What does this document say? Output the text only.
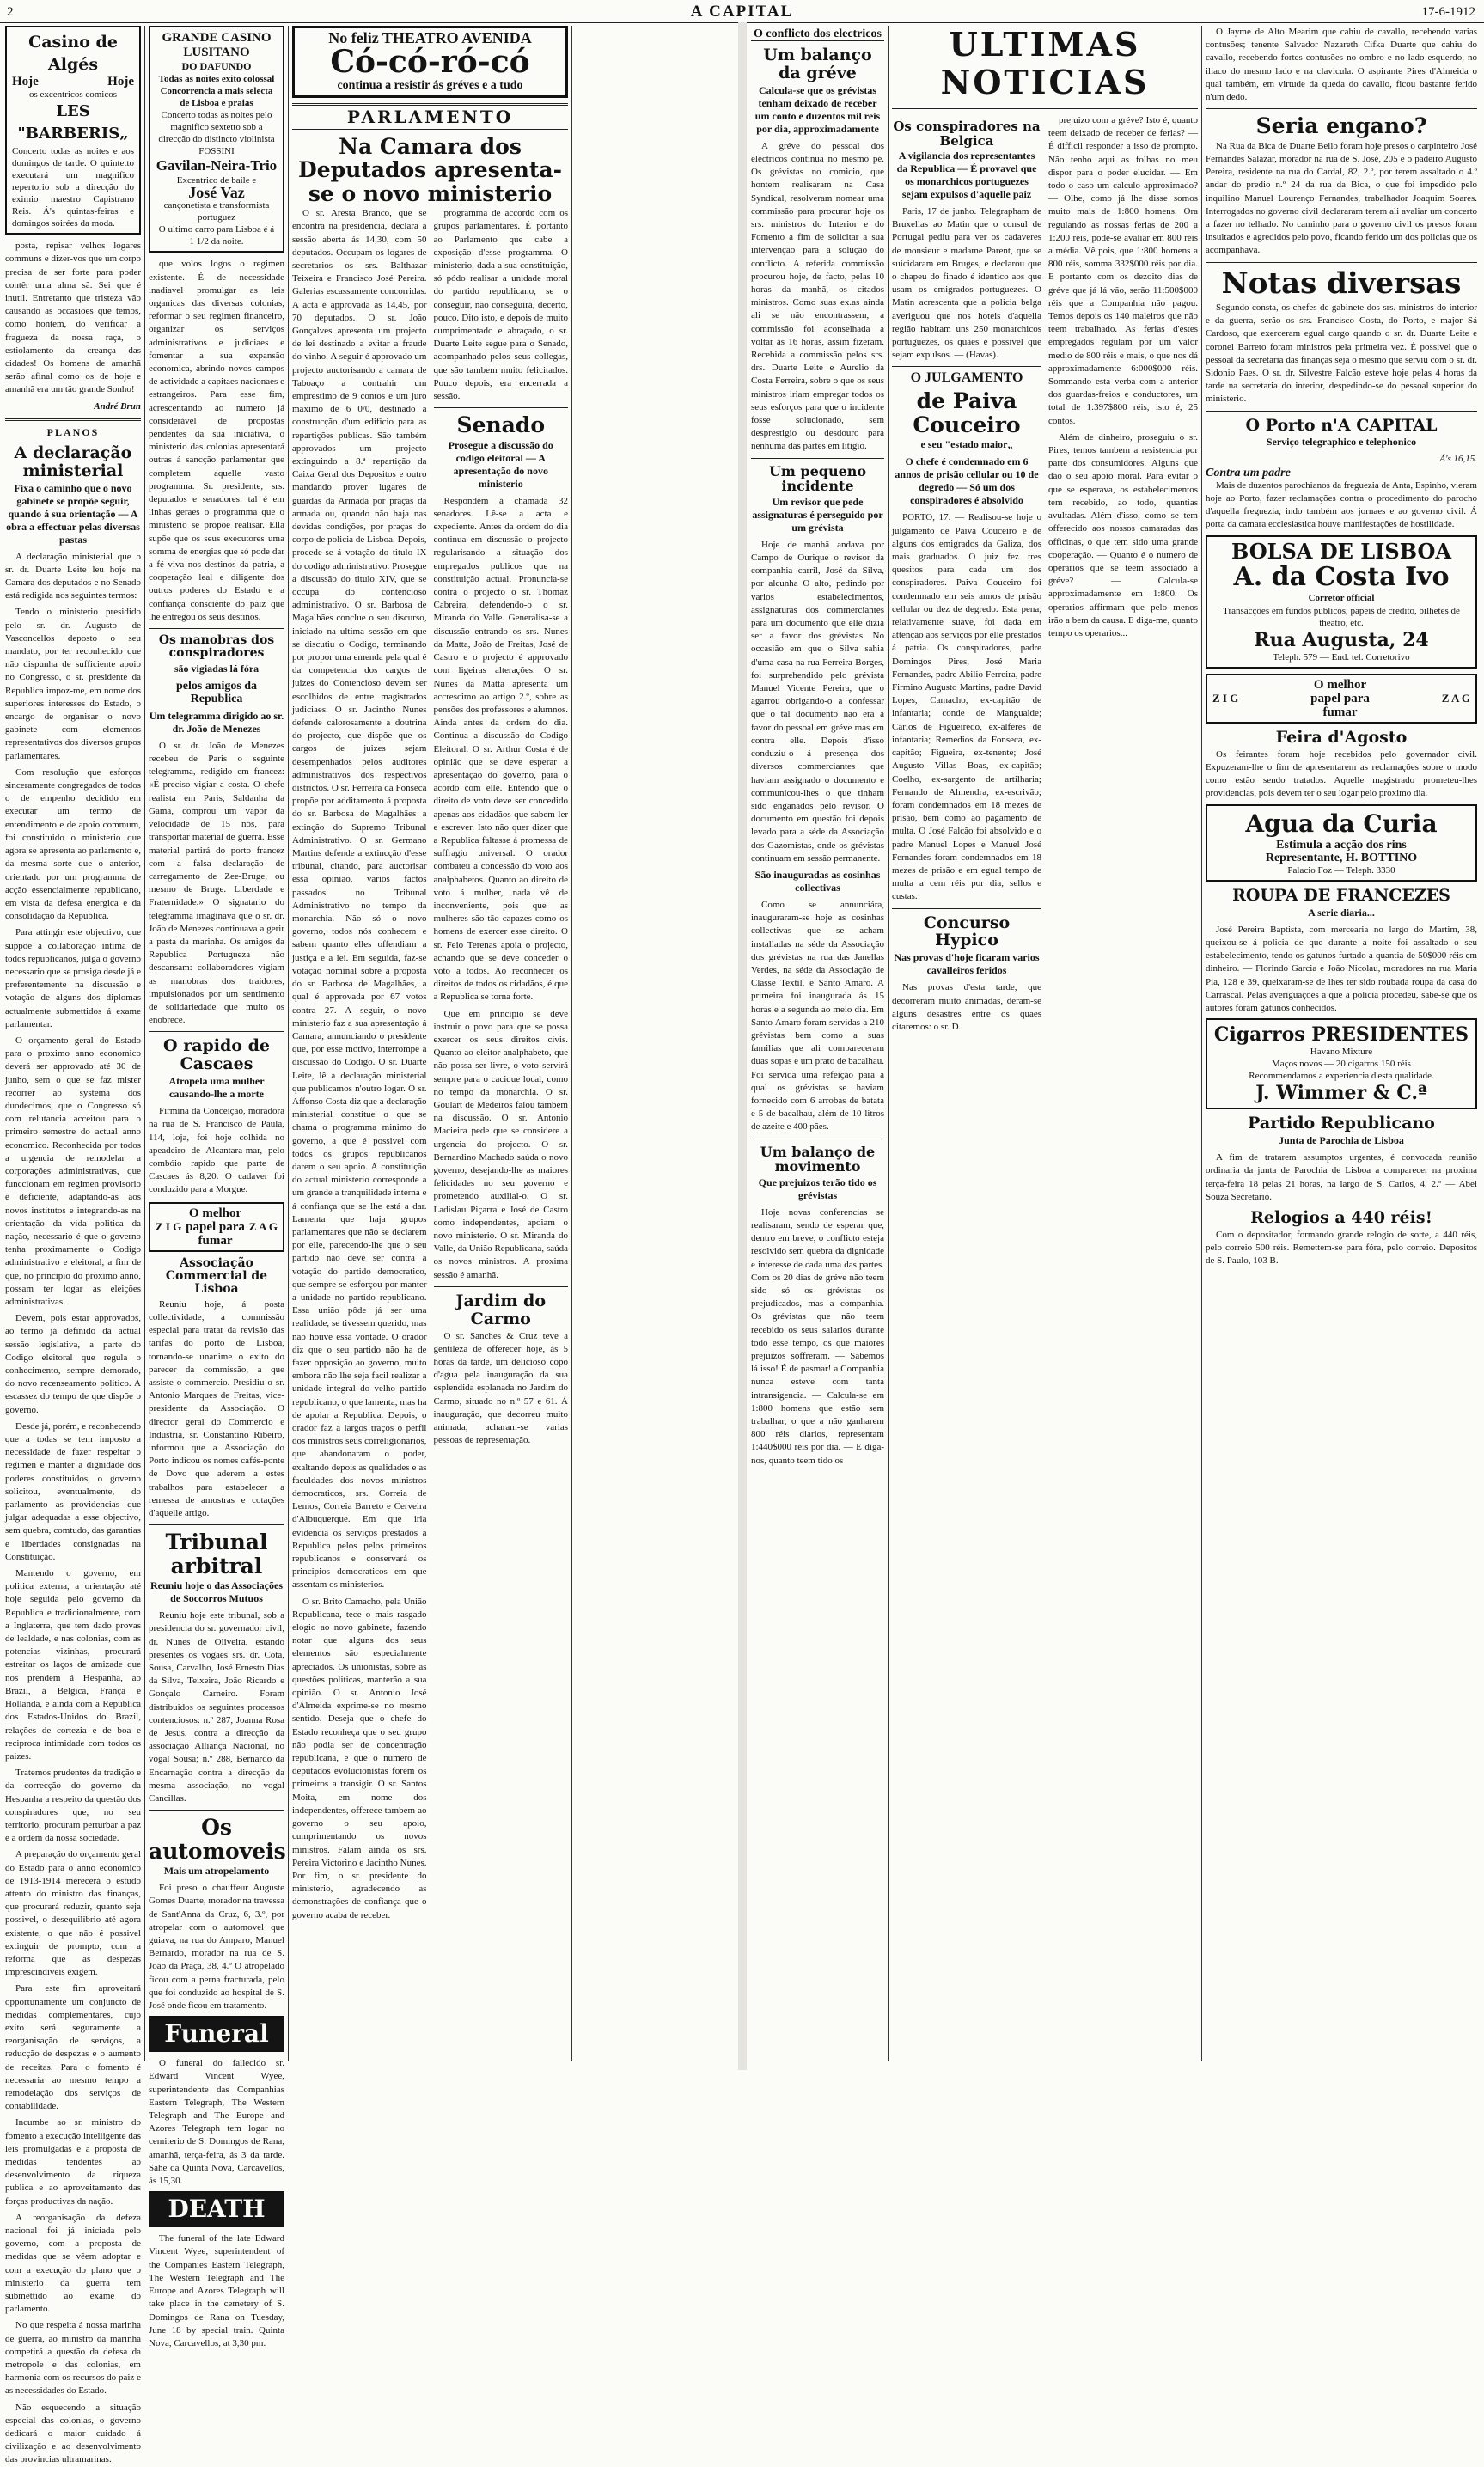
2	A CAPITAL	17-6-1912
Casino de Algés
Hoje	Hoje
os excentricos comicos
LES "BARBERIS„
Concerto todas as noites e aos domingos de tarde. O quintetto executará um magnifico repertorio sob a direcção do eximio maestro Capistrano Reis. Á's quintas-feiras e domingos soirées da moda.

posta, repisar velhos logares communs e dizer-vos que um corpo precisa de ser forte para poder contêr uma alma sã. Sei que é inutil. Entretanto que tristeza vão causando as occasiões que temos, como hontem, do verificar a fragueza da nossa raça, o estiolamento da creança das cidades! Os homens de amanhã serão afinal como os de hoje e amanhã era um tão grande Sonho!

André Brun
PLANOS
A declaração ministerial
Fixa o caminho que o novo gabinete se propõe seguir, quando á sua orientação — A obra a effectuar pelas diversas pastas

A declaração ministerial que o sr. dr. Duarte Leite leu hoje na Camara dos deputados e no Senado está redigida nos seguintes termos:

Tendo o ministerio presidido pelo sr. dr. Augusto de Vasconcellos deposto o seu mandato, por ter reconhecido que não dispunha de sufficiente apoio no Congresso, o sr. presidente da Republica impoz-me, em nome dos superiores interesses do Estado, o encargo de organisar o novo gabinete com elementos representativos dos diversos grupos parlamentares.

Com resolução que esforços sinceramente congregados de todos o de empenho decidido em executar um termo de entendimento e de apoio commum, foi constituido o ministerio que agora se apresenta ao parlamento e, da mesma sorte que o anterior, orientado por um programma de acção essencialmente republicano, em vista da defesa energica e da consolidação da Republica.

Para attingir este objectivo, que suppõe a collaboração intima de todos republicanos, julga o governo necessario que se prosiga desde já e preferentemente na discussão e votação de alguns dos diplomas actualmente submettidos á exame parlamentar.

O orçamento geral do Estado para o proximo anno economico deverá ser approvado até 30 de junho, sem o que se faz mister recorrer ao systema dos duodecimos, que o Congresso só com relutancia acceitou para o primeiro semestre do actual anno economico. Reconhecida por todos a urgencia de remodelar a corporações administrativas, que funccionam em regimen provisorio e deficiente, adaptando-as aos novos institutos e integrando-as na orientação da vida politica da nação, necessario é que o governo tenha proximamente o Codigo administrativo e eleitoral, a fim de que, no principio do proximo anno, possam ter logar as eleições administrativas.

Devem, pois estar approvados, ao termo já definido da actual sessão legislativa, a parte do Codigo eleitoral que regula o conhecimento, sempre demorado, do novo recenseamento politico. A escassez do tempo de que dispõe o governo.

Desde já, porém, e reconhecendo que a todas se tem imposto a necessidade de fazer respeitar o regimen e manter a dignidade dos poderes constituidos, o governo solicitou, eventualmente, do parlamento as providencias que julgar adequadas a esse objectivo, sem quebra, comtudo, das garantias e liberdades consignadas na Constituição.

Mantendo o governo, em politica externa, a orientação até hoje seguida pelo governo da Republica e tradicionalmente, com a Inglaterra, que tem dado provas de lealdade, e nas colonias, com as potencias vizinhas, procurará estreitar os laços de amizade que nos prendem á Hespanha, ao Brazil, á Belgica, França e Hollanda, e ainda com a Republica dos Estados-Unidos do Brazil, relações de cortezia e de boa e reciproca intimidade com todos os paizes.

Tratemos prudentes da tradição e da correcção do governo da Hespanha a respeito da questão dos conspiradores que, no seu territorio, procuram perturbar a paz e a ordem da nossa sociedade.

A preparação do orçamento geral do Estado para o anno economico de 1913-1914 merecerá o estudo attento do ministro das finanças, que procurará reduzir, quanto seja possivel, o desequilibrio até agora existente, o que não é possivel extinguir de prompto, com a reforma que as despezas imprescindiveis exigem.

Para este fim aproveitará opportunamente um conjuncto de medidas complementares, cujo exito será seguramente a reorganisação de serviços, a reducção de despezas e o aumento de receitas. Para o fomento é necessaria ao mesmo tempo a remodelação dos serviços de contabilidade.

Incumbe ao sr. ministro do fomento a execução intelligente das leis promulgadas e a proposta de medidas tendentes ao desenvolvimento da riqueza publica e ao aproveitamento das forças productivas da nação.

A reorganisação da defeza nacional foi já iniciada pelo governo, com a proposta de medidas que se vêem adoptar e com a execução do plano que o ministerio da guerra tem submettido ao exame do parlamento.

No que respeita á nossa marinha de guerra, ao ministro da marinha competirá a questão da defesa da metropole e das colonias, em harmonia com os recursos do paiz e as necessidades do Estado.

Não esquecendo a situação especial das colonias, o governo dedicará o maior cuidado á civilização e ao desenvolvimento das provincias ultramarinas.

GRANDE CASINO LUSITANO
DO DAFUNDO
Todas as noites exito colossal
Concorrencia a mais selecta de Lisboa e praias
Concerto todas as noites pelo magnifico sextetto sob a direcção do distincto violinista FOSSINI
Gavilan-Neira-Trio
Excentrico de baile e
José Vaz
cançonetista e transformista portuguez
O ultimo carro para Lisboa é á 1 1/2 da noite.

que volos logos o regimen existente. É de necessidade inadiavel promulgar as leis organicas das diversas colonias, reformar o seu regimen financeiro, organizar os serviços administrativos e judiciaes e fomentar a sua expansão economica, abrindo novos campos de actividade a capitaes nacionaes e estrangeiros. Para esse fim, acrescentando ao numero já considerável de propostas pendentes da sua iniciativa, o ministerio das colonias apresentará outras á sancção parlamentar que completem aquelle vasto programma. Sr. presidente, srs. deputados e senadores: tal é em linhas geraes o programma que o ministerio se propõe realisar. Ella supõe que os seus executores uma somma de energias que só pode dar a fé viva nos destinos da patria, a cooperação leal e diligente dos outros poderes do Estado e a confiança consciente do paiz que lhe entregou os seus destinos.

Os manobras dos conspiradores
são vigiadas lá fóra
pelos amigos da Republica
Um telegramma dirigido ao sr. dr. João de Menezes

O sr. dr. João de Menezes recebeu de Paris o seguinte telegramma, redigido em francez: «É preciso vigiar a costa. O chefe realista em Paris, Saldanha da Gama, comprou um vapor da velocidade de 15 nós, para transportar material de guerra. Esse material partirá do porto francez com a falsa declaração de carregamento de Zee-Bruge, ou mesmo de Bruge. Liberdade e Fraternidade.» O signatario do telegramma imaginava que o sr. dr. João de Menezes continuava a gerir a pasta da marinha. Os amigos da Republica Portugueza não descansam: collaboradores vigiam as manobras dos traidores, impulsionados por um sentimento de solidariedade que muito os enobrece.

O rapido de Cascaes
Atropela uma mulher causando-lhe a morte

Firmina da Conceição, moradora na rua de S. Francisco de Paula, 114, loja, foi hoje colhida no apeadeiro de Alcantara-mar, pelo combóio rapido que parte de Cascaes ás 8,20. O cadaver foi conduzido para a Morgue.

Z I G
O melhor
papel para
fumar
Z A G
Associação Commercial de Lisboa

Reuniu hoje, á posta collectividade, a commissão especial para tratar da revisão das tarifas do porto de Lisboa, tornando-se unanime o exito do parecer da commissão, a que assiste o commercio. Presidiu o sr. Antonio Marques de Freitas, vice-presidente da Associação. O director geral do Commercio e Industria, sr. Constantino Ribeiro, informou que a Associação do Porto indicou os nomes cafés-ponte de Dovo que aderem a estes trabalhos para estabelecer a remessa de amostras e cotações d'aquelle artigo.

Tribunal arbitral
Reuniu hoje o das Associações de Soccorros Mutuos

Reuniu hoje este tribunal, sob a presidencia do sr. governador civil, dr. Nunes de Oliveira, estando presentes os vogaes srs. dr. Cota, Sousa, Carvalho, José Ernesto Dias da Silva, Teixeira, João Ricardo e Gonçalo Carneiro. Foram distribuidos os seguintes processos contenciosos: n.º 287, Joanna Rosa de Jesus, contra a direcção da associação Alliança Nacional, no vogal Sousa; n.º 288, Bernardo da Encarnação contra a direcção da mesma associação, no vogal Cancillas.

Os automoveis
Mais um atropelamento

Foi preso o chauffeur Auguste Gomes Duarte, morador na travessa de Sant'Anna da Cruz, 6, 3.º, por atropelar com o automovel que guiava, na rua do Amparo, Manuel Bernardo, morador na rua de S. João da Praça, 38, 4.º O atropelado ficou com a perna fracturada, pelo que foi conduzido ao hospital de S. José onde ficou em tratamento.

Funeral

O funeral do fallecido sr. Edward Vincent Wyee, superintendente das Companhias Eastern Telegraph, The Western Telegraph and The Europe and Azores Telegraph tem logar no cemiterio de S. Domingos de Rana, amanhã, terça-feira, ás 3 da tarde. Sahe da Quinta Nova, Carcavellos, ás 15,30.

DEATH

The funeral of the late Edward Vincent Wyee, superintendent of the Companies Eastern Telegraph, The Western Telegraph and The Europe and Azores Telegraph will take place in the cemetery of S. Domingos de Rana on Tuesday, June 18 by special train. Quinta Nova, Carcavellos, at 3,30 pm.

No feliz THEATRO AVENIDA
Có-có-ró-có
continua a resistir ás gréves e a tudo
PARLAMENTO
Na Camara dos Deputados apresenta-se o novo ministerio

O sr. Aresta Branco, que se encontra na presidencia, declara a sessão aberta ás 14,30, com 50 deputados. Occupam os logares de secretarios os srs. Balthazar Teixeira e Francisco José Pereira. Galerias escassamente concorridas. A acta é approvada ás 14,45, por 70 deputados. O sr. João Gonçalves apresenta um projecto de lei destinado a evitar a fraude do vinho. A seguir é approvado um projecto auctorisando a camara de Taboaço a contrahir um emprestimo de 9 contos e um juro maximo de 6 0/0, destinado á construcção d'um edificio para as repartições publicas. São também approvados um projecto extinguindo a 8.ª repartição da Caixa Geral dos Depositos e outro mandando prover lugares de guardas da Armada por praças da armada ou, quando não haja nas devidas condições, por praças do corpo de policia de Lisboa. Depois, procede-se á votação do titulo IX do codigo administrativo. Prosegue a discussão do titulo XIV, que se occupa do contencioso administrativo. O sr. Barbosa de Magalhães conclue o seu discurso, iniciado na ultima sessão em que se discutiu o Codigo, terminando por propor uma emenda pela qual é da competencia dos cargos de juizes do Contencioso devem ser escolhidos de entre magistrados judiciaes. O sr. Jacintho Nunes defende calorosamente a doutrina do projecto, que dispõe que os cargos de juizes sejam desempenhados pelos auditores administrativos dos respectivos districtos. O sr. Ferreira da Fonseca propõe por additamento á proposta do sr. Barbosa de Magalhães a extinção do Supremo Tribunal Administrativo. O sr. Germano Martins defende a extincção d'esse tribunal, citando, para auctorisar essa opinião, varios factos passados no Tribunal Administrativo no tempo da monarchia. Não só o novo governo, todos nós conhecem e sabem quanto elles offendiam a justiça e a lei. Em seguida, faz-se votação nominal sobre a proposta do sr. Barbosa de Magalhães, a qual é approvada por 67 votos contra 27. A seguir, o novo ministerio faz a sua apresentação á Camara, annunciando o presidente que, por esse motivo, interrompe a discussão do Codigo. O sr. Duarte Leite, lê a declaração ministerial que publicamos n'outro logar. O sr. Affonso Costa diz que a declaração ministerial constitue o que se chama o programma minimo do governo, a que é possivel com todos os grupos republicanos darem o seu apoio. A constituição do actual ministerio corresponde a um grande a tranquilidade interna e á confiança que se lhe está a dar. Lamenta que haja grupos parlamentares que não se declarem por elle, parecendo-lhe que o seu partido não deve ser contra a votação do partido democratico, que sempre se esforçou por manter a unidade no partido republicano. Essa união pôde já ser uma realidade, se tivessem querido, mas não houve essa vontade. O orador diz que o seu partido não ha de fazer opposição ao governo, muito embora não lhe seja facil realizar a unidade integral do velho partido republicano, o que lamenta, mas ha de apoiar a Republica. Depois, o orador faz a largos traços o perfil dos ministros seus correligionarios, que abandonaram o poder, exaltando depois as qualidades e as faculdades dos novos ministros democraticos, srs. Correia de Lemos, Correia Barreto e Cerveira d'Albuquerque. Em que iria evidencia os serviços prestados á Republica pelos pelos primeiros republicanos e conservará os principios democraticos em que assentam os ministerios.

O sr. Brito Camacho, pela União Republicana, tece o mais rasgado elogio ao novo gabinete, fazendo notar que alguns dos seus elementos são especialmente apreciados. Os unionistas, sobre as questões politicas, manterão a sua opinião. O sr. Antonio José d'Almeida exprime-se no mesmo sentido. Deseja que o chefe do Estado reconheça que o seu grupo não podia ser de concentração republicana, e que o numero de deputados evolucionistas forem os primeiros a transigir. O sr. Santos Moita, em nome dos independentes, offerece tambem ao governo o seu apoio, cumprimentando os novos ministros. Falam ainda os srs. Pereira Victorino e Jacintho Nunes. Por fim, o sr. presidente do ministerio, agradecendo as demonstrações de confiança que o governo acaba de receber.

programma de accordo com os grupos parlamentares. É portanto ao Parlamento que cabe a exposição d'esse programma. O ministerio, dada a sua constituição, só pódo realisar a unidade moral do partido republicano, se o conseguir, não conseguirá, decerto, pouco. Dito isto, e depois de muito cumprimentado e abraçado, o sr. Duarte Leite segue para o Senado, acompanhado pelos seus collegas, que são tambem muito felicitados. Pouco depois, era encerrada a sessão.

Senado
Prosegue a discussão do codigo eleitoral — A apresentação do novo ministerio

Respondem á chamada 32 senadores. Lê-se a acta e expediente. Antes da ordem do dia continua em discussão o projecto regularisando a situação dos empregados publicos que na constituição actual. Pronuncia-se contra o projecto o sr. Thomaz Cabreira, defendendo-o o sr. Miranda do Valle. Generalisa-se a discussão entrando os srs. Nunes da Matta, João de Freitas, José de Castro e o projecto é approvado com ligeiras alterações. O sr. Nunes da Matta apresenta um accrescimo ao artigo 2.º, sobre as pensões dos professores e alumnos. Ainda antes da ordem do dia. Continua a discussão do Codigo Eleitoral. O sr. Arthur Costa é de opinião que se deve esperar a apresentação do governo, para o acordo com elle. Entendo que o direito de voto deve ser concedido apenas aos cidadãos que sabem ler e escrever. Isto não quer dizer que a Republica faltasse á promessa de suffragio universal. O orador combateu a concessão do voto aos analphabetos. Quanto ao direito de voto á mulher, nada vê de inconveniente, pois que as mulheres são tão capazes como os homens de exercer esse direito. O sr. Feio Terenas apoia o projecto, achando que se deve conceder o voto a todos. Ao reconhecer os direitos de todos os cidadãos, é que a Republica se torna forte.

Que em principio se deve instruir o povo para que se possa exercer os seus direitos civis. Quanto ao eleitor analphabeto, que não possa ser livre, o voto servirá sempre para o cacique local, como no tempo da monarchia. O sr. Goulart de Medeiros falou tambem na discussão. O sr. Antonio Macieira pede que se considere a urgencia do projecto. O sr. Bernardino Machado saúda o novo governo, desejando-lhe as maiores felicidades no seu governo e prometendo auxilial-o. O sr. Ladislau Piçarra e José de Castro como independentes, apoiam o novo ministerio. O sr. Miranda do Valle, da União Republicana, saúda os novos ministros. A proxima sessão é amanhã.

Jardim do Carmo

O sr. Sanches & Cruz teve a gentileza de offerecer hoje, ás 5 horas da tarde, um delicioso copo d'agua pela inauguração da sua esplendida esplanada no Jardim do Carmo, situado no n.º 57 e 61. Á inauguração, que decorreu muito animada, acharam-se varias pessoas de representação.

O conflicto dos electricos
Um balanço da gréve
Calcula-se que os grévistas tenham deixado de receber um conto e duzentos mil reis por dia, approximadamente

A gréve do pessoal dos electricos continua no mesmo pé. Os grévistas no comicio, que hontem realisaram na Casa Syndical, resolveram nomear uma commissão para procurar hoje os srs. ministros do Interior e do Fomento a fim de solicitar a sua intervenção para a solução do conflicto. A referida commissão procurou hoje, de facto, pelas 10 horas da manhã, os citados ministros. Como suas ex.as ainda ali se não encontrassem, a commissão foi aconselhada a voltar ás 16 horas, assim fizeram. Recebida a commissão pelos srs. drs. Duarte Leite e Aurelio da Costa Ferreira, sobre o que os seus ministros iriam empregar todos os seus esforços para que o incidente fosse solucionado, sem desprestigio ou desdouro para nenhuma das partes em litigio.

Um pequeno incidente
Um revisor que pede assignaturas é perseguido por um grévista

Hoje de manhã andava por Campo de Ourique o revisor da companhia carril, José da Silva, por alcunha O alto, pedindo por varios estabelecimentos, assignaturas dos commerciantes para um documento que elle dizia ser a favor dos grévistas. No occasião em que o Silva sahia d'uma casa na rua Ferreira Borges, foi surprehendido pelo grévista Manuel Vicente Pereira, que o agarrou obrigando-o a confessar que o tal documento não era a favor do pessoal em gréve mas em contra elle. Depois d'isso conduziu-o á presença dos diversos commerciantes que haviam assignado o documento e communicou-lhes o que tinham sido enganados pelo revisor. O documento em questão foi depois levado para a séde da Associação dos Gazomistas, onde os grévistas continuam em sessão permanente.

São inauguradas as cosinhas collectivas

Como se annunciára, inauguraram-se hoje as cosinhas collectivas que se acham installadas na séde da Associação dos grévistas na rua das Janellas Verdes, na séde da Associação de Classe Textil, e Santo Amaro. A primeira foi inaugurada ás 15 horas e a segunda ao meio dia. Em Santo Amaro foram servidas a 210 grévistas bem como a suas familias que ali compareceram duas sopas e um prato de bacalhau. Foi servida uma refeição para a qual os grévistas se haviam fornecido com 6 arrobas de batata e 5 de bacalhau, além de 10 litros de azeite e 400 pães.

Um balanço de movimento
Que prejuizos terão tido os grévistas

Hoje novas conferencias se realisaram, sendo de esperar que, dentro em breve, o conflicto esteja resolvido sem quebra da dignidade e interesse de cada uma das partes. Com os 20 dias de gréve não teem sido só os grévistas os prejudicados, mas a companhia. Os grévistas que não teem recebido os seus salarios durante todo esse tempo, os que maiores prejuizos soffreram. — Sabemos lá isso! É de pasmar! a Companhia nunca esteve com tanta intransigencia. — Calcula-se em 1:800 homens que estão sem trabalhar, o que a não ganharem 800 réis diarios, representam 1:440$000 réis por dia. — E diga-nos, quanto teem tido os

ULTIMAS NOTICIAS
Os conspiradores na Belgica
A vigilancia dos representantes da Republica — É provavel que os monarchicos portuguezes sejam expulsos d'aquelle paiz

Paris, 17 de junho. Telegrapham de Bruxellas ao Matin que o consul de Portugal pediu para ver os cadaveres de monsieur e madame Parent, que se suicidaram em Bruges, e declarou que o chapeu do finado é identico aos que usam os emigrados portuguezes. O Matin acrescenta que a policia belga averiguou que nos hoteis d'aquella região habitam uns 250 monarchicos portuguezes, os quaes é possivel que sejam expulsos. — (Havas).

O JULGAMENTO
de Paiva Couceiro
e seu "estado maior„
O chefe é condemnado em 6 annos de prisão cellular ou 10 de degredo — Só um dos conspiradores é absolvido

PORTO, 17. — Realisou-se hoje o julgamento de Paiva Couceiro e de alguns dos emigrados da Galiza, dos mais graduados. O juiz fez tres quesitos para cada um dos conspiradores. Paiva Couceiro foi condemnado em seis annos de prisão cellular ou dez de degredo. Esta pena, relativamente suave, foi dada em attenção aos serviços por elle prestados á patria. Os conspiradores, padre Domingos Pires, José Maria Fernandes, padre Abilio Ferreira, padre Firmino Augusto Martins, padre David Lopes, Camacho, ex-capitão de infantaria; conde de Mangualde; Carlos de Figueiredo, ex-alferes de infantaria; Remedios da Fonseca, ex-capitão; Figueira, ex-tenente; José Augusto Villas Boas, ex-capitão; Coelho, ex-sargento de artilharia; Fernando de Almendra, ex-escrivão; foram condemnados em 18 mezes de prisão, bem como ao pagamento de multa. O José Falcão foi absolvido e o padre Manuel Lopes e Manuel José Fernandes foram condemnados em 18 mezes de prisão e em egual tempo de multa a cem réis por dia, sellos e custas.

Concurso Hypico
Nas provas d'hoje ficaram varios cavalleiros feridos

Nas provas d'esta tarde, que decorreram muito animadas, deram-se alguns desastres entre os quaes citaremos: o sr. D.

prejuizo com a gréve? Isto é, quanto teem deixado de receber de ferias? — É difficil responder a isso de prompto. Não tenho aqui as folhas no meu dispor para o poder elucidar. — Em todo o caso um calculo approximado? — Olhe, como já lhe disse somos muito mais de 1:800 homens. Ora regulando as nossas ferias de 200 a 1:200 réis, pode-se avaliar em 800 réis a média. Vê pois, que 1:800 homens a 800 réis, somma 332$000 réis por dia. E portanto com os dezoito dias de gréve que já lá vão, serão 11:500$000 réis que a Companhia não pagou. Temos depois os 140 maleiros que não teem trabalhado. As ferias d'estes empregados regulam por um valor medio de 800 réis e mais, o que nos dá approximadamente 6:000$000 réis. Sommando esta verba com a anterior dos guardas-freios e conductores, um total de 1:397$800 réis, isto é, 25 contos.

Além de dinheiro, proseguiu o sr. Pires, temos tambem a resistencia por parte dos consumidores. Alguns que dão o seu apoio moral. Para evitar o que se esperava, os estabelecimentos tem recebido, ao todo, quantias avultadas. Além d'isso, como se tem offerecido aos nossos camaradas das officinas, o que tem sido uma grande cooperação. — Quanto é o numero de operarios que se teem associado á gréve? — Calcula-se approximadamente em 1:800. Os operarios affirmam que pelo menos irão a bem da causa. E diga-me, quanto tempo os operarios...

O Jayme de Alto Mearim que cahiu de cavallo, recebendo varias contusões; tenente Salvador Nazareth Cifka Duarte que cahiu do cavallo, recebendo fortes contusões no ombro e no lado esquerdo, no iliaco do mesmo lado e na clavicula. O aspirante Pires d'Almeida o qual também, em virtude da queda do cavallo, ficou bastante ferido n'um dedo.

Seria engano?

Na Rua da Bica de Duarte Bello foram hoje presos o carpinteiro José Fernandes Salazar, morador na rua de S. José, 205 e o padeiro Augusto Pereira, residente na rua do Cardal, 82, 2.º, por terem assaltado o 4.º andar do predio n.º 24 da rua da Bica, o que foi impedido pelo inquilino Manuel Lourenço Fernandes, trabalhador Joaquim Soares. Interrogados no governo civil declararam terem ali avaliar um concerto a fazer no telhado. No caminho para o governo civil os presos foram insultados e agredidos pelo povo, ficando ferido um dos policias que os acompanhava.

Notas diversas

Segundo consta, os chefes de gabinete dos srs. ministros do interior e da guerra, serão os srs. Francisco Costa, do Porto, e major Sá Cardoso, que exerceram egual cargo quando o sr. dr. Duarte Leite e coronel Barreto foram ministros pela primeira vez. É possivel que o pessoal da secretaria das finanças seja o mesmo que serviu com o sr. dr. Sidonio Paes. O sr. dr. Silvestre Falcão esteve hoje pelas 4 horas da tarde na secretaria do interior, despedindo-se do pessoal superior do ministerio.

O Porto n'A CAPITAL
Serviço telegraphico e telephonico
Á's 16,15.
Contra um padre

Mais de duzentos parochianos da freguezia de Anta, Espinho, vieram hoje ao Porto, fazer reclamações contra o procedimento do parocho d'aquella freguezia, indo também aos jornaes e ao governo civil. Á porta da camara ecclesiastica houve manifestações de hostilidade.

BOLSA DE LISBOA
A. da Costa Ivo
Corretor official
Transacções em fundos publicos, papeis de credito, bilhetes de theatro, etc.
Rua Augusta, 24
Teleph. 579 — End. tel. Corretorivo
Z I G
O melhor
papel para
fumar
Z A G
Feira d'Agosto

Os feirantes foram hoje recebidos pelo governador civil. Expuzeram-lhe o fim de apresentarem as reclamações sobre o modo como estão sendo tratados. Aquelle magistrado prometeu-lhes providencias, pois devem ter o seu logar pelo proximo dia.

Agua da Curia
Estimula a acção dos rins
Representante, H. BOTTINO
Palacio Foz — Teleph. 3330
ROUPA DE FRANCEZES
A serie diaria...

José Pereira Baptista, com mercearia no largo do Martim, 38, queixou-se á policia de que durante a noite foi assaltado o seu estabelecimento, tendo os gatunos furtado a quantia de 50$000 réis em dinheiro. — Florindo Garcia e João Nicolau, moradores na rua Maria Pia, 128 e 39, queixaram-se de lhes ter sido roubada roupa da casa do Carrascal. Pelas averiguações a que a policia procedeu, sabe-se que os autores foram gatunos conhecidos.

Cigarros PRESIDENTES
Havano Mixture
Maços novos — 20 cigarros 150 réis
Recommendamos a experiencia d'esta qualidade.
J. Wimmer & C.ª
Partido Republicano
Junta de Parochia de Lisboa

A fim de tratarem assumptos urgentes, é convocada reunião ordinaria da junta de Parochia de Lisboa a comparecer na proxima terça-feira 18 pelas 21 horas, na largo de S. Carlos, 4, 2.º — Abel Souza Secretario.

Relogios a 440 réis!

Com o depositador, formando grande relogio de sorte, a 440 réis, pelo correio 500 réis. Remettem-se para fóra, pelo correio. Depositos de S. Paulo, 103 B.
